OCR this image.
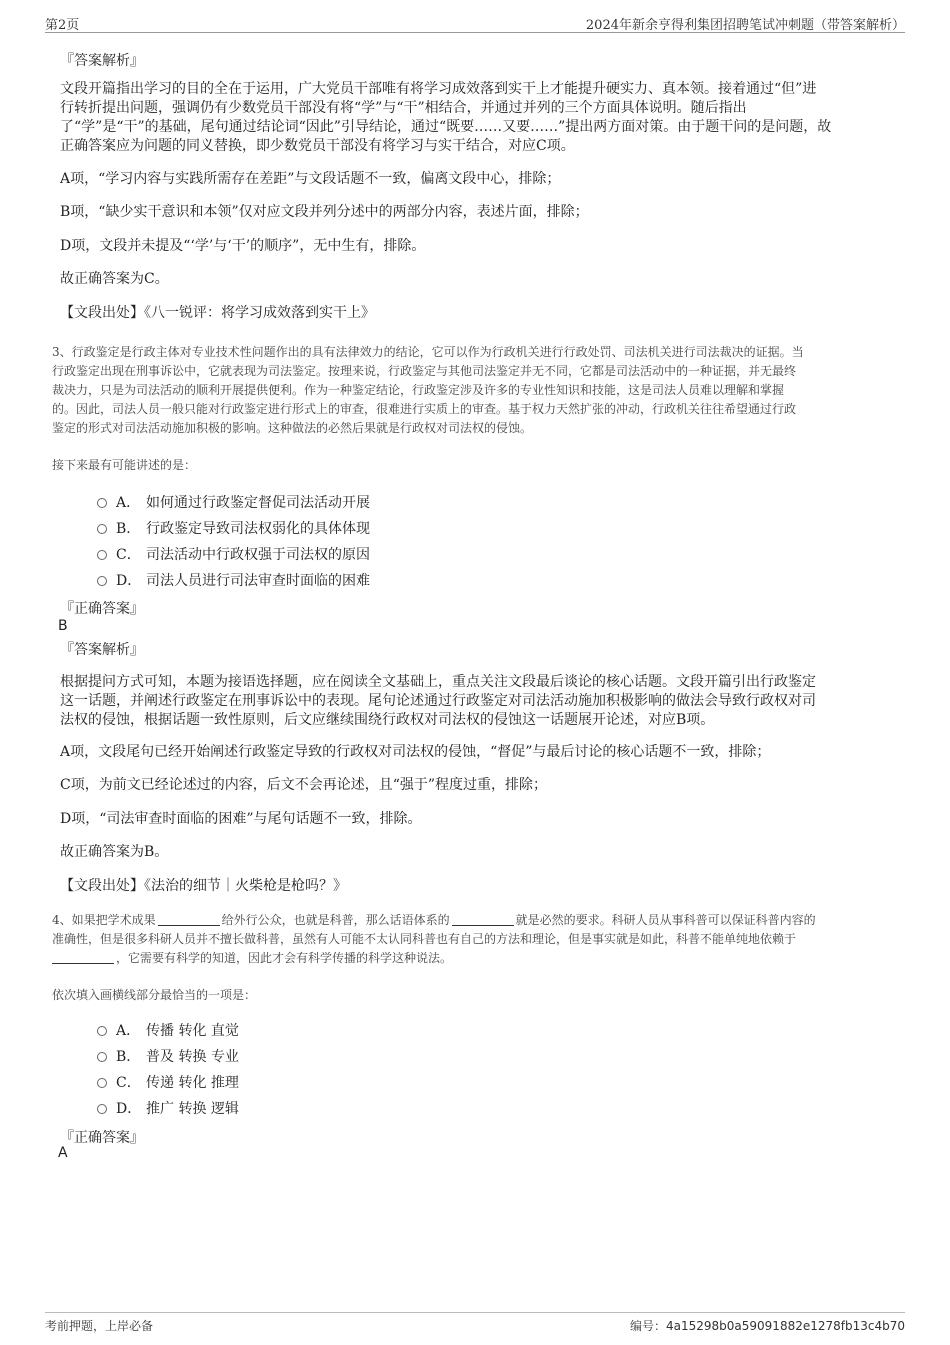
第2页	2024年新余亨得利集团招聘笔试冲刺题（带答案解析）
『答案解析』
文段开篇指出学习的目的全在于运用，广大党员干部唯有将学习成效落到实干上才能提升硬实力、真本领。接着通过“但”进
行转折提出问题，强调仍有少数党员干部没有将“学”与“干”相结合，并通过并列的三个方面具体说明。随后指出
了“学”是“干”的基础，尾句通过结论词“因此”引导结论，通过“既要……又要……”提出两方面对策。由于题干问的是问题，故
正确答案应为问题的同义替换，即少数党员干部没有将学习与实干结合，对应C项。
A项，“学习内容与实践所需存在差距”与文段话题不一致，偏离文段中心，排除；
B项，“缺少实干意识和本领”仅对应文段并列分述中的两部分内容，表述片面，排除；
D项，文段并未提及“‘学’与‘干’的顺序”，无中生有，排除。
故正确答案为C。
【文段出处】《八一锐评：将学习成效落到实干上》
3、行政鉴定是行政主体对专业技术性问题作出的具有法律效力的结论，它可以作为行政机关进行行政处罚、司法机关进行司法裁决的证据。当
行政鉴定出现在刑事诉讼中，它就表现为司法鉴定。按理来说，行政鉴定与其他司法鉴定并无不同，它都是司法活动中的一种证据，并无最终
裁决力，只是为司法活动的顺利开展提供便利。作为一种鉴定结论，行政鉴定涉及许多的专业性知识和技能，这是司法人员难以理解和掌握
的。因此，司法人员一般只能对行政鉴定进行形式上的审查，很难进行实质上的审查。基于权力天然扩张的冲动，行政机关往往希望通过行政
鉴定的形式对司法活动施加积极的影响。这种做法的必然后果就是行政权对司法权的侵蚀。
接下来最有可能讲述的是：
A． 如何通过行政鉴定督促司法活动开展
B． 行政鉴定导致司法权弱化的具体体现
C． 司法活动中行政权强于司法权的原因
D． 司法人员进行司法审查时面临的困难
『正确答案』
B
『答案解析』
根据提问方式可知，本题为接语选择题，应在阅读全文基础上，重点关注文段最后谈论的核心话题。文段开篇引出行政鉴定
这一话题，并阐述行政鉴定在刑事诉讼中的表现。尾句论述通过行政鉴定对司法活动施加积极影响的做法会导致行政权对司
法权的侵蚀，根据话题一致性原则，后文应继续围绕行政权对司法权的侵蚀这一话题展开论述，对应B项。
A项，文段尾句已经开始阐述行政鉴定导致的行政权对司法权的侵蚀，“督促”与最后讨论的核心话题不一致，排除；
C项，为前文已经论述过的内容，后文不会再论述，且“强于”程度过重，排除；
D项，“司法审查时面临的困难”与尾句话题不一致，排除。
故正确答案为B。
【文段出处】《法治的细节｜火柴枪是枪吗？》
4、如果把学术成果	给外行公众，也就是科普，那么话语体系的	就是必然的要求。科研人员从事科普可以保证科普内容的
准确性，但是很多科研人员并不擅长做科普，虽然有人可能不太认同科普也有自己的方法和理论，但是事实就是如此，科普不能单纯地依赖于
，它需要有科学的知道，因此才会有科学传播的科学这种说法。
依次填入画横线部分最恰当的一项是：
A． 传播 转化 直觉
B． 普及 转换 专业
C． 传递 转化 推理
D． 推广 转换 逻辑
『正确答案』
A
考前押题，上岸必备	编号：4a15298b0a59091882e1278fb13c4b70
